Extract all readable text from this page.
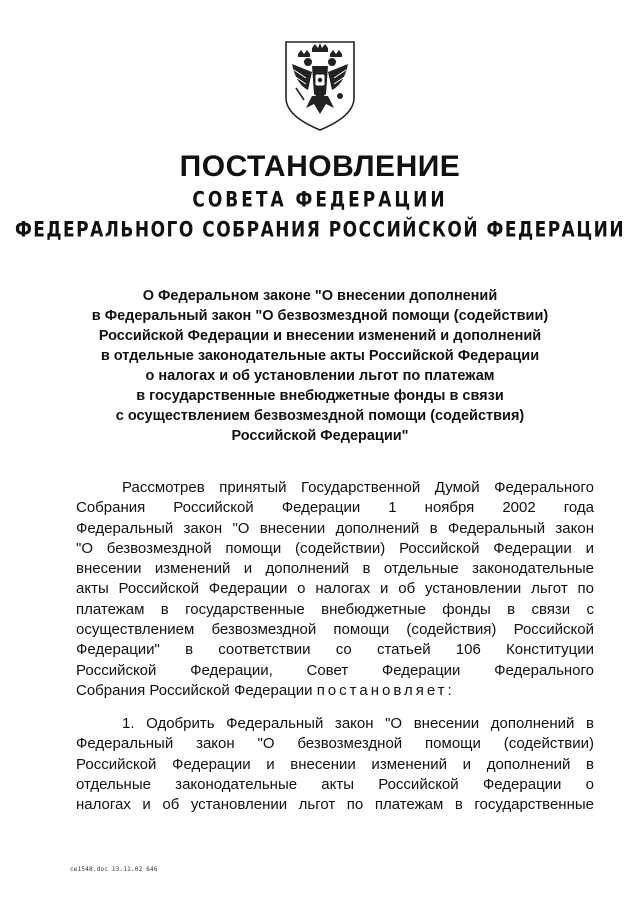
ПОСТАНОВЛЕНИЕ
СОВЕТА ФЕДЕРАЦИИ
ФЕДЕРАЛЬНОГО СОБРАНИЯ РОССИЙСКОЙ ФЕДЕРАЦИИ
О Федеральном законе "О внесении дополнений
в Федеральный закон "О безвозмездной помощи (содействии)
Российской Федерации и внесении изменений и дополнений
в отдельные законодательные акты Российской Федерации
о налогах и об установлении льгот по платежам
в государственные внебюджетные фонды в связи
с осуществлением безвозмездной помощи (содействия)
Российской Федерации"
Рассмотрев принятый Государственной Думой Федерального
Собрания Российской Федерации 1 ноября 2002 года
Федеральный закон "О внесении дополнений в Федеральный закон
"О безвозмездной помощи (содействии) Российской Федерации и
внесении изменений и дополнений в отдельные законодательные
акты Российской Федерации о налогах и об установлении льгот по
платежам в государственные внебюджетные фонды в связи с
осуществлением безвозмездной помощи (содействия) Российской
Федерации" в соответствии со статьей 106 Конституции
Российской Федерации, Совет Федерации Федерального
Собрания Российской Федерации постановляет:
1. Одобрить Федеральный закон "О внесении дополнений в
Федеральный закон "О безвозмездной помощи (содействии)
Российской Федерации и внесении изменений и дополнений в
отдельные законодательные акты Российской Федерации о
налогах и об установлении льгот по платежам в государственные
се1548.doc 13.11.02 646
